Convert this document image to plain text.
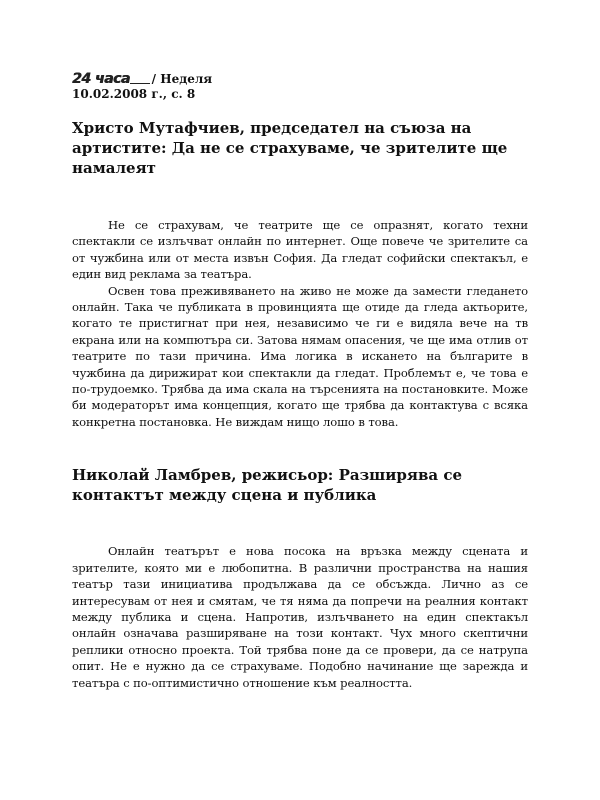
24 часа / Неделя
10.02.2008 г., с. 8
Христо Мутафчиев, председател на съюза на артистите: Да не се страхуваме, че зрителите ще намалеят

Не се страхувам, че театрите ще се опразнят, когато техни спектакли се излъчват онлайн по интернет. Още повече че зрителите са от чужбина или от места извън София. Да гледат софийски спектакъл, е един вид реклама за театъра.

Освен това преживяването на живо не може да замести гледането онлайн. Така че публиката в провинцията ще отиде да гледа актьорите, когато те пристигнат при нея, независимо че ги е видяла вече на тв екрана или на компютъра си. Затова нямам опасения, че ще има отлив от театрите по тази причина. Има логика в искането на българите в чужбина да дирижират кои спектакли да гледат. Проблемът е, че това е по-трудоемко. Трябва да има скала на търсенията на постановките. Може би модераторът има концепция, когато ще трябва да контактува с всяка конкретна постановка. Не виждам нищо лошо в това.

Николай Ламбрев, режисьор: Разширява се контактът между сцена и публика

Онлайн театърът е нова посока на връзка между сцената и зрителите, която ми е любопитна. В различни пространства на нашия театър тази инициатива продължава да се обсъжда. Лично аз се интересувам от нея и смятам, че тя няма да попречи на реалния контакт между публика и сцена. Напротив, излъчването на един спектакъл онлайн означава разширяване на този контакт. Чух много скептични реплики относно проекта. Той трябва поне да се провери, да се натрупа опит. Не е нужно да се страхуваме. Подобно начинание ще зарежда и театъра с по-оптимистично отношение към реалността.
